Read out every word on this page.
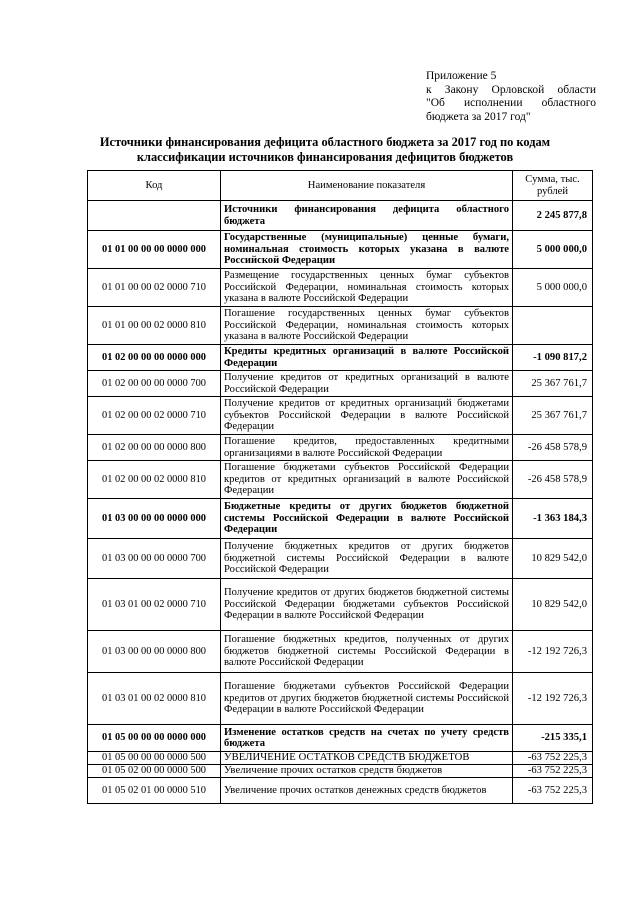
Приложение 5
к Закону Орловской области
"Об исполнении областного
бюджета за 2017 год"
Источники финансирования дефицита областного бюджета за 2017 год по кодам
классификации источников финансирования дефицитов бюджетов
Код	Наименование показателя	Сумма, тыс. рублей
	Источники финансирования дефицита областного бюджета	2 245 877,8
01 01 00 00 00 0000 000	Государственные (муниципальные) ценные бумаги, номинальная стоимость которых указана в валюте Российской Федерации	5 000 000,0
01 01 00 00 02 0000 710	Размещение государственных ценных бумаг субъектов Российской Федерации, номинальная стоимость которых указана в валюте Российской Федерации	5 000 000,0
01 01 00 00 02 0000 810	Погашение государственных ценных бумаг субъектов Российской Федерации, номинальная стоимость которых указана в валюте Российской Федерации	
01 02 00 00 00 0000 000	Кредиты кредитных организаций в валюте Российской Федерации	-1 090 817,2
01 02 00 00 00 0000 700	Получение кредитов от кредитных организаций в валюте Российской Федерации	25 367 761,7
01 02 00 00 02 0000 710	Получение кредитов от кредитных организаций бюджетами субъектов Российской Федерации в валюте Российской Федерации	25 367 761,7
01 02 00 00 00 0000 800	Погашение кредитов, предоставленных кредитными организациями в валюте Российской Федерации	-26 458 578,9
01 02 00 00 02 0000 810	Погашение бюджетами субъектов Российской Федерации кредитов от кредитных организаций в валюте Российской Федерации	-26 458 578,9
01 03 00 00 00 0000 000	Бюджетные кредиты от других бюджетов бюджетной системы Российской Федерации в валюте Российской Федерации	-1 363 184,3
01 03 00 00 00 0000 700	Получение бюджетных кредитов от других бюджетов бюджетной системы Российской Федерации в валюте Российской Федерации	10 829 542,0
01 03 01 00 02 0000 710	Получение кредитов от других бюджетов бюджетной системы Российской Федерации бюджетами субъектов Российской Федерации в валюте Российской Федерации	10 829 542,0
01 03 00 00 00 0000 800	Погашение бюджетных кредитов, полученных от других бюджетов бюджетной системы Российской Федерации в валюте Российской Федерации	-12 192 726,3
01 03 01 00 02 0000 810	Погашение бюджетами субъектов Российской Федерации кредитов от других бюджетов бюджетной системы Российской Федерации в валюте Российской Федерации	-12 192 726,3
01 05 00 00 00 0000 000	Изменение остатков средств на счетах по учету средств бюджета	-215 335,1
01 05 00 00 00 0000 500	УВЕЛИЧЕНИЕ ОСТАТКОВ СРЕДСТВ БЮДЖЕТОВ	-63 752 225,3
01 05 02 00 00 0000 500	Увеличение прочих остатков средств бюджетов	-63 752 225,3
01 05 02 01 00 0000 510	Увеличение прочих остатков денежных средств бюджетов	-63 752 225,3
